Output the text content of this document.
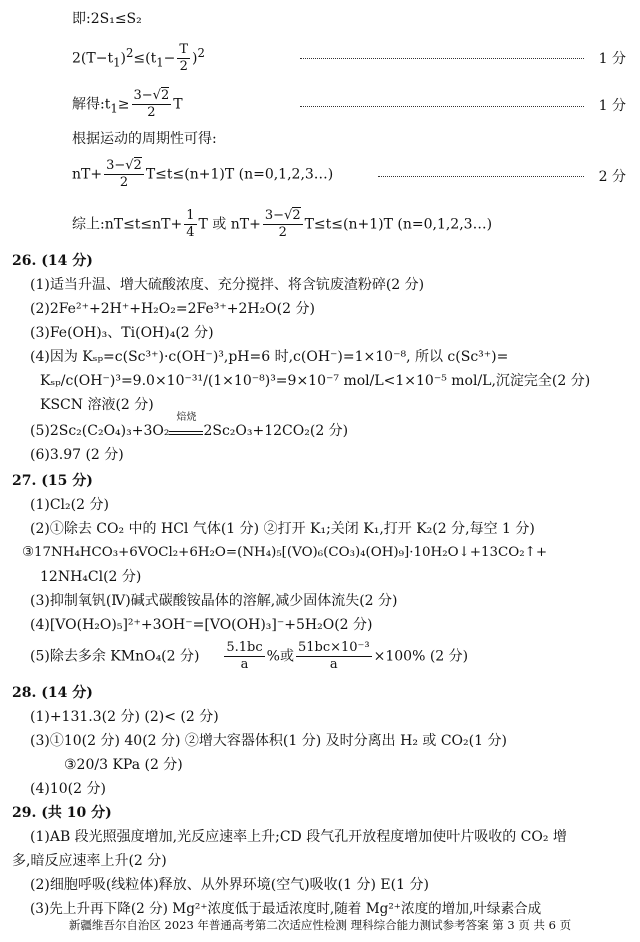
即:2S₁≤S₂
$2(T-t_1)^2\le(t_1- \frac{T}{2} )^2$	1 分
解得$:t_1\ge \frac{3-√2}{2}$ T	1 分
根据运动的周期性可得:
$nT+ \frac{3-√2}{2} T\le t\le(n+1)T$ (n=0,1,2,3…)	2 分
综上:nT≤t≤nT+ $\frac{1}{4}$ T 或 $nT+ \frac{3-√2}{2} T\le t\le(n+1)T$ (n=0,1,2,3…)
26. (14 分)
(1)适当升温、增大硫酸浓度、充分搅拌、将含钪废渣粉碎(2 分)
(2)2Fe²⁺+2H⁺+H₂O₂=2Fe³⁺+2H₂O(2 分)
(3)Fe(OH)₃、Ti(OH)₄(2 分)
(4)因为 Kₛₚ=c(Sc³⁺)·c(OH⁻)³,pH=6 时,c(OH⁻)=1×10⁻⁸, 所以 c(Sc³⁺)=
Kₛₚ/c(OH⁻)³=9.0×10⁻³¹/(1×10⁻⁸)³=9×10⁻⁷ mol/L<1×10⁻⁵ mol/L,沉淀完全(2 分)
KSCN 溶液(2 分)
(5)2Sc₂(C₂O₄)₃+3O₂
焙烧
2Sc₂O₃+12CO₂(2 分)
(6)3.97 (2 分)
27. (15 分)
(1)Cl₂(2 分)
(2)①除去 CO₂ 中的 HCl 气体(1 分) ②打开 K₁;关闭 K₁,打开 K₂(2 分,每空 1 分)
③17NH₄HCO₃+6VOCl₂+6H₂O=(NH₄)₅[(VO)₆(CO₃)₄(OH)₉]·10H₂O↓+13CO₂↑+
12NH₄Cl(2 分)
(3)抑制氧钒(Ⅳ)碱式碳酸铵晶体的溶解,减少固体流失(2 分)
(4)[VO(H₂O)₅]²⁺+3OH⁻=[VO(OH)₃]⁻+5H₂O(2 分)
(5)除去多余 KMnO₄(2 分) $\frac{5.1bc}{a}$ %或 $\frac{\text{51bc×10⁻³}}{a} \times 100\%$ (2 分)
28. (14 分)
(1)+131.3(2 分) (2)< (2 分)
(3)①10(2 分) 40(2 分) ②增大容器体积(1 分) 及时分离出 H₂ 或 CO₂(1 分)
③20/3 KPa (2 分)
(4)10(2 分)
29. (共 10 分)
(1)AB 段光照强度增加,光反应速率上升;CD 段气孔开放程度增加使叶片吸收的 CO₂ 增
多,暗反应速率上升(2 分)
(2)细胞呼吸(线粒体)释放、从外界环境(空气)吸收(1 分) E(1 分)
(3)先上升再下降(2 分) Mg²⁺浓度低于最适浓度时,随着 Mg²⁺浓度的增加,叶绿素合成
新疆维吾尔自治区 2023 年普通高考第二次适应性检测 理科综合能力测试参考答案 第 3 页 共 6 页
